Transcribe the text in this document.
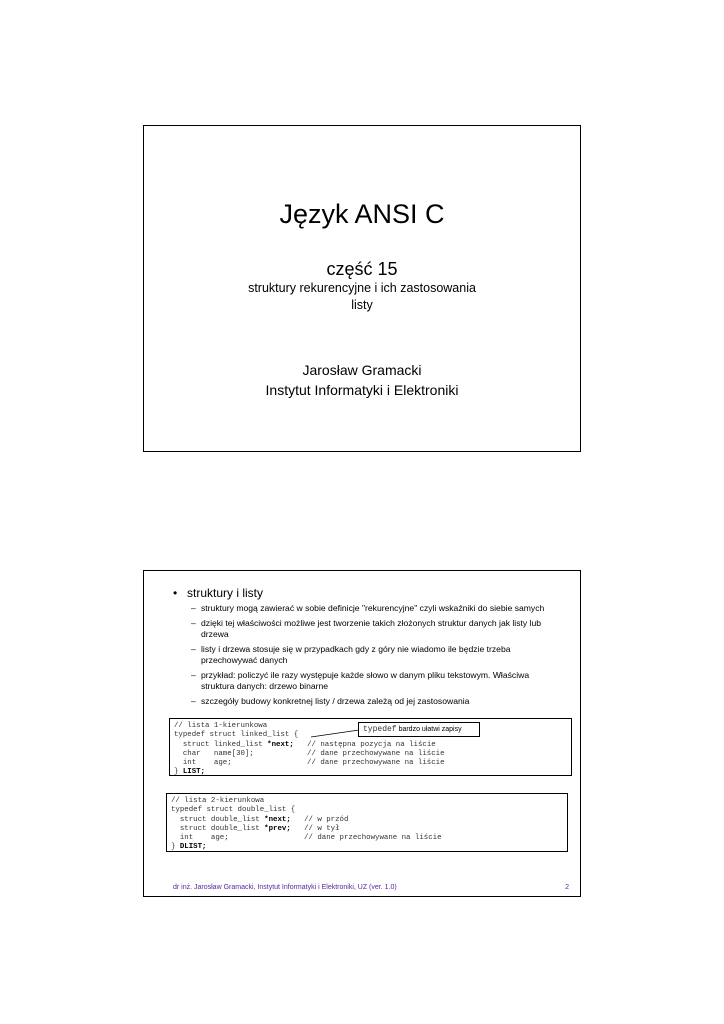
Język ANSI C
część 15
struktury rekurencyjne i ich zastosowania
listy
Jarosław Gramacki
Instytut Informatyki i Elektroniki
• struktury i listy
– struktury mogą zawierać w sobie definicje "rekurencyjne" czyli wskaźniki do siebie samych
– dzięki tej właściwości możliwe jest tworzenie takich złożonych struktur danych jak listy lub drzewa
– listy i drzewa stosuje się w przypadkach gdy z góry nie wiadomo ile będzie trzeba przechowywać danych
– przykład: policzyć ile razy występuje każde słowo w danym pliku tekstowym. Właściwa struktura danych: drzewo binarne
– szczegóły budowy konkretnej listy / drzewa zależą od jej zastosowania
// lista 1-kierunkowa
typedef struct linked_list {
struct linked_list *next;   // następna pozycja na liście
char   name[30];            // dane przechowywane na liście
int    age;                 // dane przechowywane na liście
} LIST;
typedef bardzo ułatwi zapisy
// lista 2-kierunkowa
typedef struct double_list {
struct double_list *next;   // w przód
struct double_list *prev;   // w tył
int    age;                 // dane przechowywane na liście
} DLIST;
dr inż. Jarosław Gramacki, Instytut Informatyki i Elektroniki, UZ (ver. 1.0)	2
